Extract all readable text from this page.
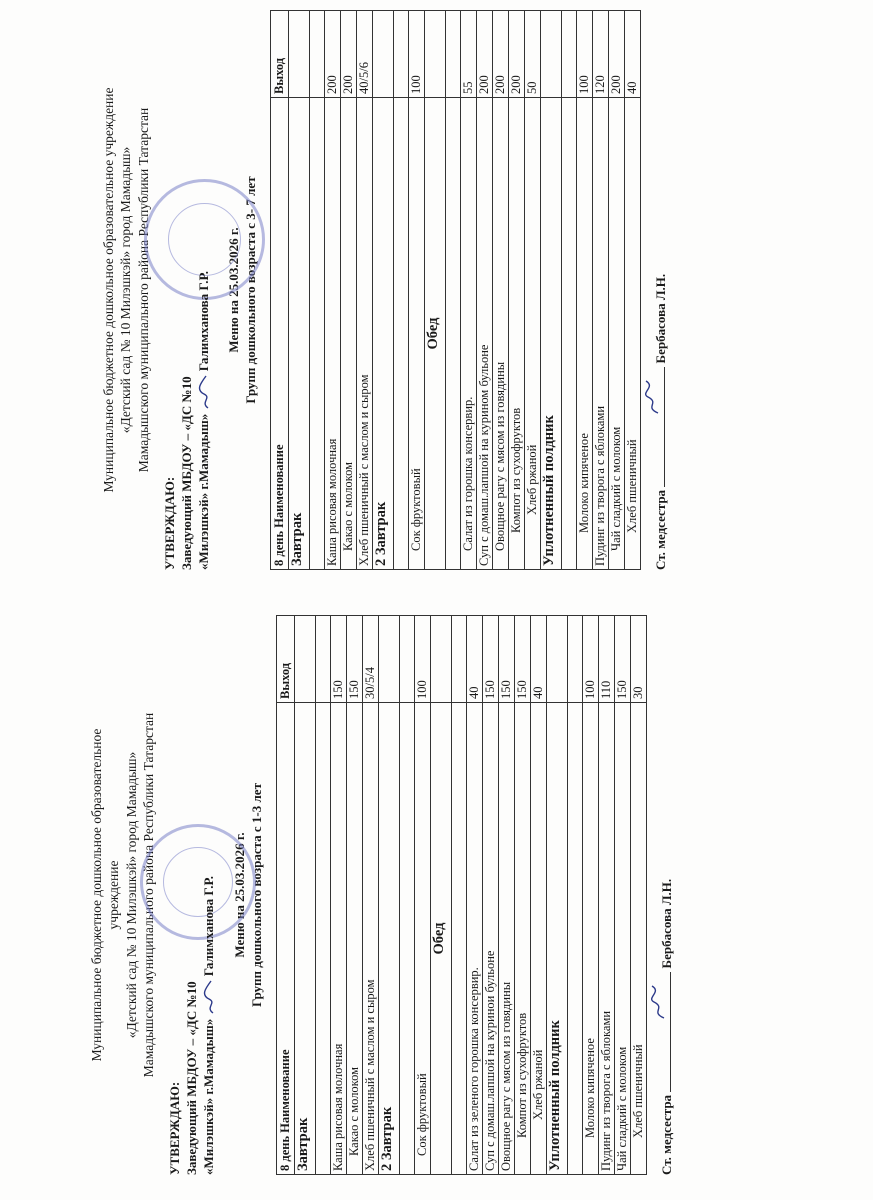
Муниципальное бюджетное дошкольное образовательное учреждение «Детский сад № 10 Милэшкэй» город Мамадыш» Мамадышского муниципального района Республики Татарстан
УТВЕРЖДАЮ: Заведующий МБДОУ – «ДС №10 «Милэшкэй» г.Мамадыш»  Галимханова Г.Р. Меню на 25.03.2026 г. Групп дошкольного возраста с 1-3 лет
8 день Наименование	Выход
Завтрак	

Каша рисовая молочная	150
Какао с молоком	150
Хлеб пшеничный с маслом и сыром	30/5/4
2 Завтрак	

Сок фруктовый	100
Обед	

Салат из зеленого горошка консервир.	40
Суп с домаш.лапшой на куринои бульоне	150
Овощное рагу с мясом из говядины	150
Компот из сухофруктов	150
Хлеб ржаной	40
Уплотненный полдник	

Молоко кипяченое	100
Пудинг из творога с яблоками	110
Чай сладкий с молоком	150
Хлеб пшеничный	30
Ст. медсестра
Бербасова Л.Н.
Муниципальное бюджетное дошкольное образовательное учреждение «Детский сад № 10 Милэшкэй» город Мамадыш» Мамадышского муниципального района Республики Татарстан
УТВЕРЖДАЮ: Заведующий МБДОУ – «ДС №10 «Милэшкэй» г.Мамадыш»  Галимханова Г.Р. Меню на 25.03.2026 г. Групп дошкольного возраста с 3- 7 лет
8 день Наименование	Выход
Завтрак	

Каша рисовая молочная	200
Какао с молоком	200
Хлеб пшеничный с маслом и сыром	40/5/6
2 Завтрак	

Сок фруктовый	100
Обед	

Салат из горошка консервир.	55
Суп с домаш.лапшой на курином бульоне	200
Овощное рагу с мясом из говядины	200
Компот из сухофруктов	200
Хлеб ржаной	50
Уплотненный полдник	

Молоко кипяченое	100
Пудинг из творога с яблоками	120
Чай сладкий с молоком	200
Хлеб пшеничный	40
Ст. медсестра
Бербасова Л.Н.
